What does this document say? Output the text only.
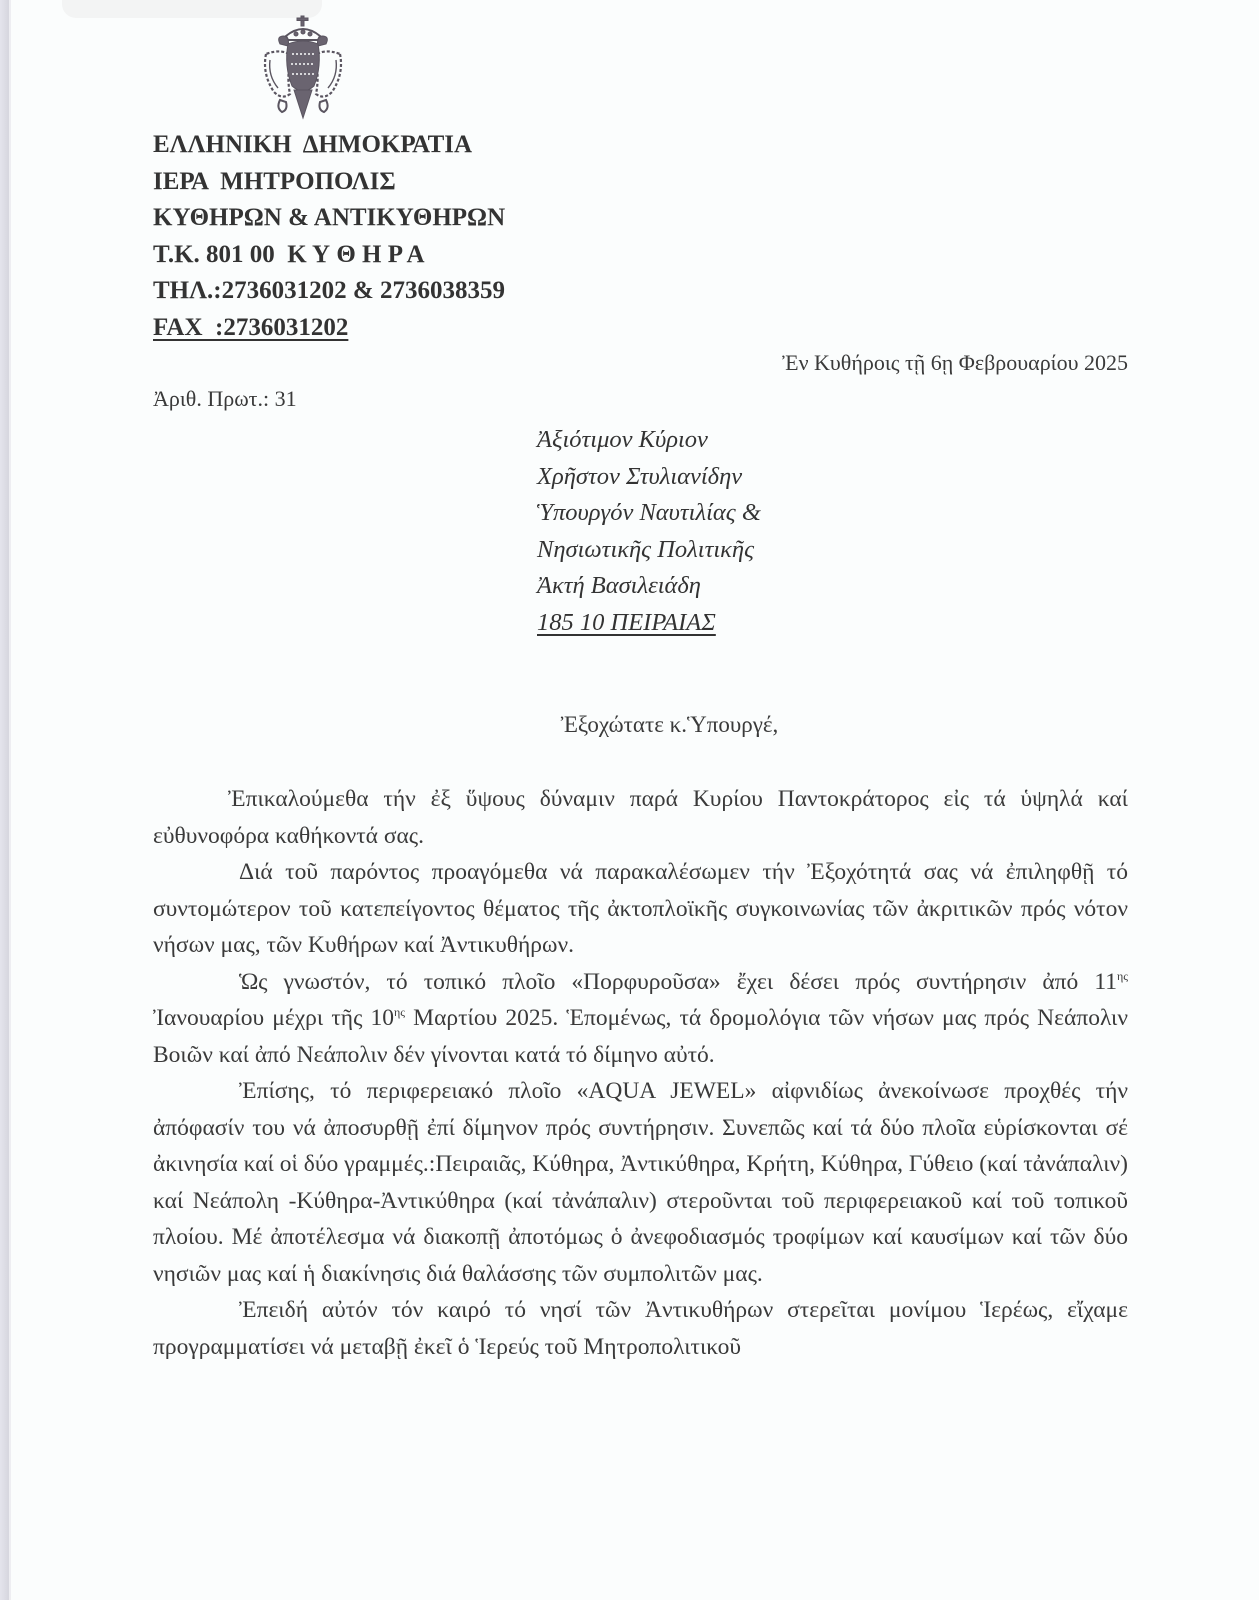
ΕΛΛΗΝΙΚΗ  ΔΗΜΟΚΡΑΤΙΑ
ΙΕΡΑ  ΜΗΤΡΟΠΟΛΙΣ
ΚΥΘΗΡΩΝ & ΑΝΤΙΚΥΘΗΡΩΝ
Τ.Κ. 801 00  Κ Υ Θ Η Ρ Α
ΤΗΛ.:2736031202 & 2736038359
FAX  :2736031202
Ἐν Κυθήροις τῇ 6ῃ Φεβρουαρίου 2025
Ἀριθ. Πρωτ.: 31
Ἀξιότιμον Κύριον
Χρῆστον Στυλιανίδην
Ὑπουργόν Ναυτιλίας &
Νησιωτικῆς Πολιτικῆς
Ἀκτή Βασιλειάδη
185 10 ΠΕΙΡΑΙΑΣ
Ἐξοχώτατε κ.Ὑπουργέ,

Ἐπικαλούμεθα τήν ἐξ ὕψους δύναμιν παρά Κυρίου Παντοκράτορος εἰς τά ὑψηλά καί εὐθυνοφόρα καθήκοντά σας.

Διά τοῦ παρόντος προαγόμεθα νά παρακαλέσωμεν τήν Ἐξοχότητά σας νά ἐπιληφθῇ τό συντομώτερον τοῦ κατεπείγοντος θέματος τῆς ἀκτοπλοϊκῆς συγκοινωνίας τῶν ἀκριτικῶν πρός νότον νήσων μας, τῶν Κυθήρων καί Ἀντικυθήρων.

Ὡς γνωστόν, τό τοπικό πλοῖο «Πορφυροῦσα» ἔχει δέσει πρός συντήρησιν ἀπό $11^{\eta\varsigma}$ Ἰανουαρίου μέχρι τῆς $10^{\eta\varsigma}$ Μαρτίου 2025. Ἑπομένως, τά δρομολόγια τῶν νήσων μας πρός Νεάπολιν Βοιῶν καί ἀπό Νεάπολιν δέν γίνονται κατά τό δίμηνο αὐτό.

Ἐπίσης, τό περιφερειακό πλοῖο «AQUA JEWEL» αἰφνιδίως ἀνεκοίνωσε προχθές τήν ἀπόφασίν του νά ἀποσυρθῇ ἐπί δίμηνον πρός συντήρησιν. Συνεπῶς καί τά δύο πλοῖα εὑρίσκονται σέ ἀκινησία καί οἱ δύο γραμμές.:Πειραιᾶς, Κύθηρα, Ἀντικύθηρα, Κρήτη, Κύθηρα, Γύθειο (καί τἀνάπαλιν) καί Νεάπολη -Κύθηρα-Ἀντικύθηρα (καί τἀνάπαλιν) στεροῦνται τοῦ περιφερειακοῦ καί τοῦ τοπικοῦ πλοίου. Μέ ἀποτέλεσμα νά διακοπῇ ἀποτόμως ὁ ἀνεφοδιασμός τροφίμων καί καυσίμων καί τῶν δύο νησιῶν μας καί ἡ διακίνησις διά θαλάσσης τῶν συμπολιτῶν μας.

Ἐπειδή αὐτόν τόν καιρό τό νησί τῶν Ἀντικυθήρων στερεῖται μονίμου Ἱερέως, εἴχαμε προγραμματίσει νά μεταβῇ ἐκεῖ ὁ Ἱερεύς τοῦ Μητροπολιτικοῦ
